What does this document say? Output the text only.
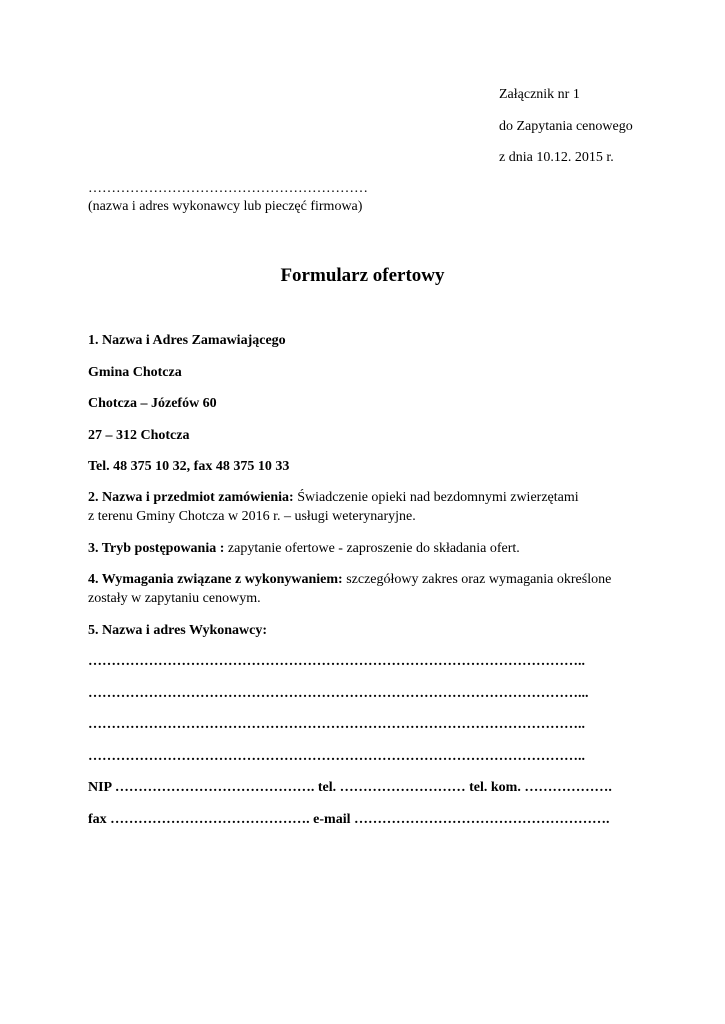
Załącznik nr 1
do Zapytania cenowego
z dnia 10.12. 2015 r.
……………………………………………………
(nazwa i adres wykonawcy lub pieczęć firmowa)
Formularz ofertowy
1. Nazwa i Adres Zamawiającego
Gmina Chotcza
Chotcza – Józefów 60
27 – 312 Chotcza
Tel. 48 375 10 32, fax 48 375 10 33
2. Nazwa i przedmiot zamówienia: Świadczenie opieki nad bezdomnymi zwierzętami
z terenu Gminy Chotcza w 2016 r. – usługi weterynaryjne.
3. Tryb postępowania : zapytanie ofertowe - zaproszenie do składania ofert.
4. Wymagania związane z wykonywaniem: szczegółowy zakres oraz wymagania określone
zostały w zapytaniu cenowym.
5. Nazwa i adres Wykonawcy:
……………………………………………………………………………………………..
……………………………………………………………………………………………...
……………………………………………………………………………………………..
……………………………………………………………………………………………..
NIP ……………………………………. tel. ……………………… tel. kom. ……………….
fax ……………………………………. e-mail ……………………………………………….
